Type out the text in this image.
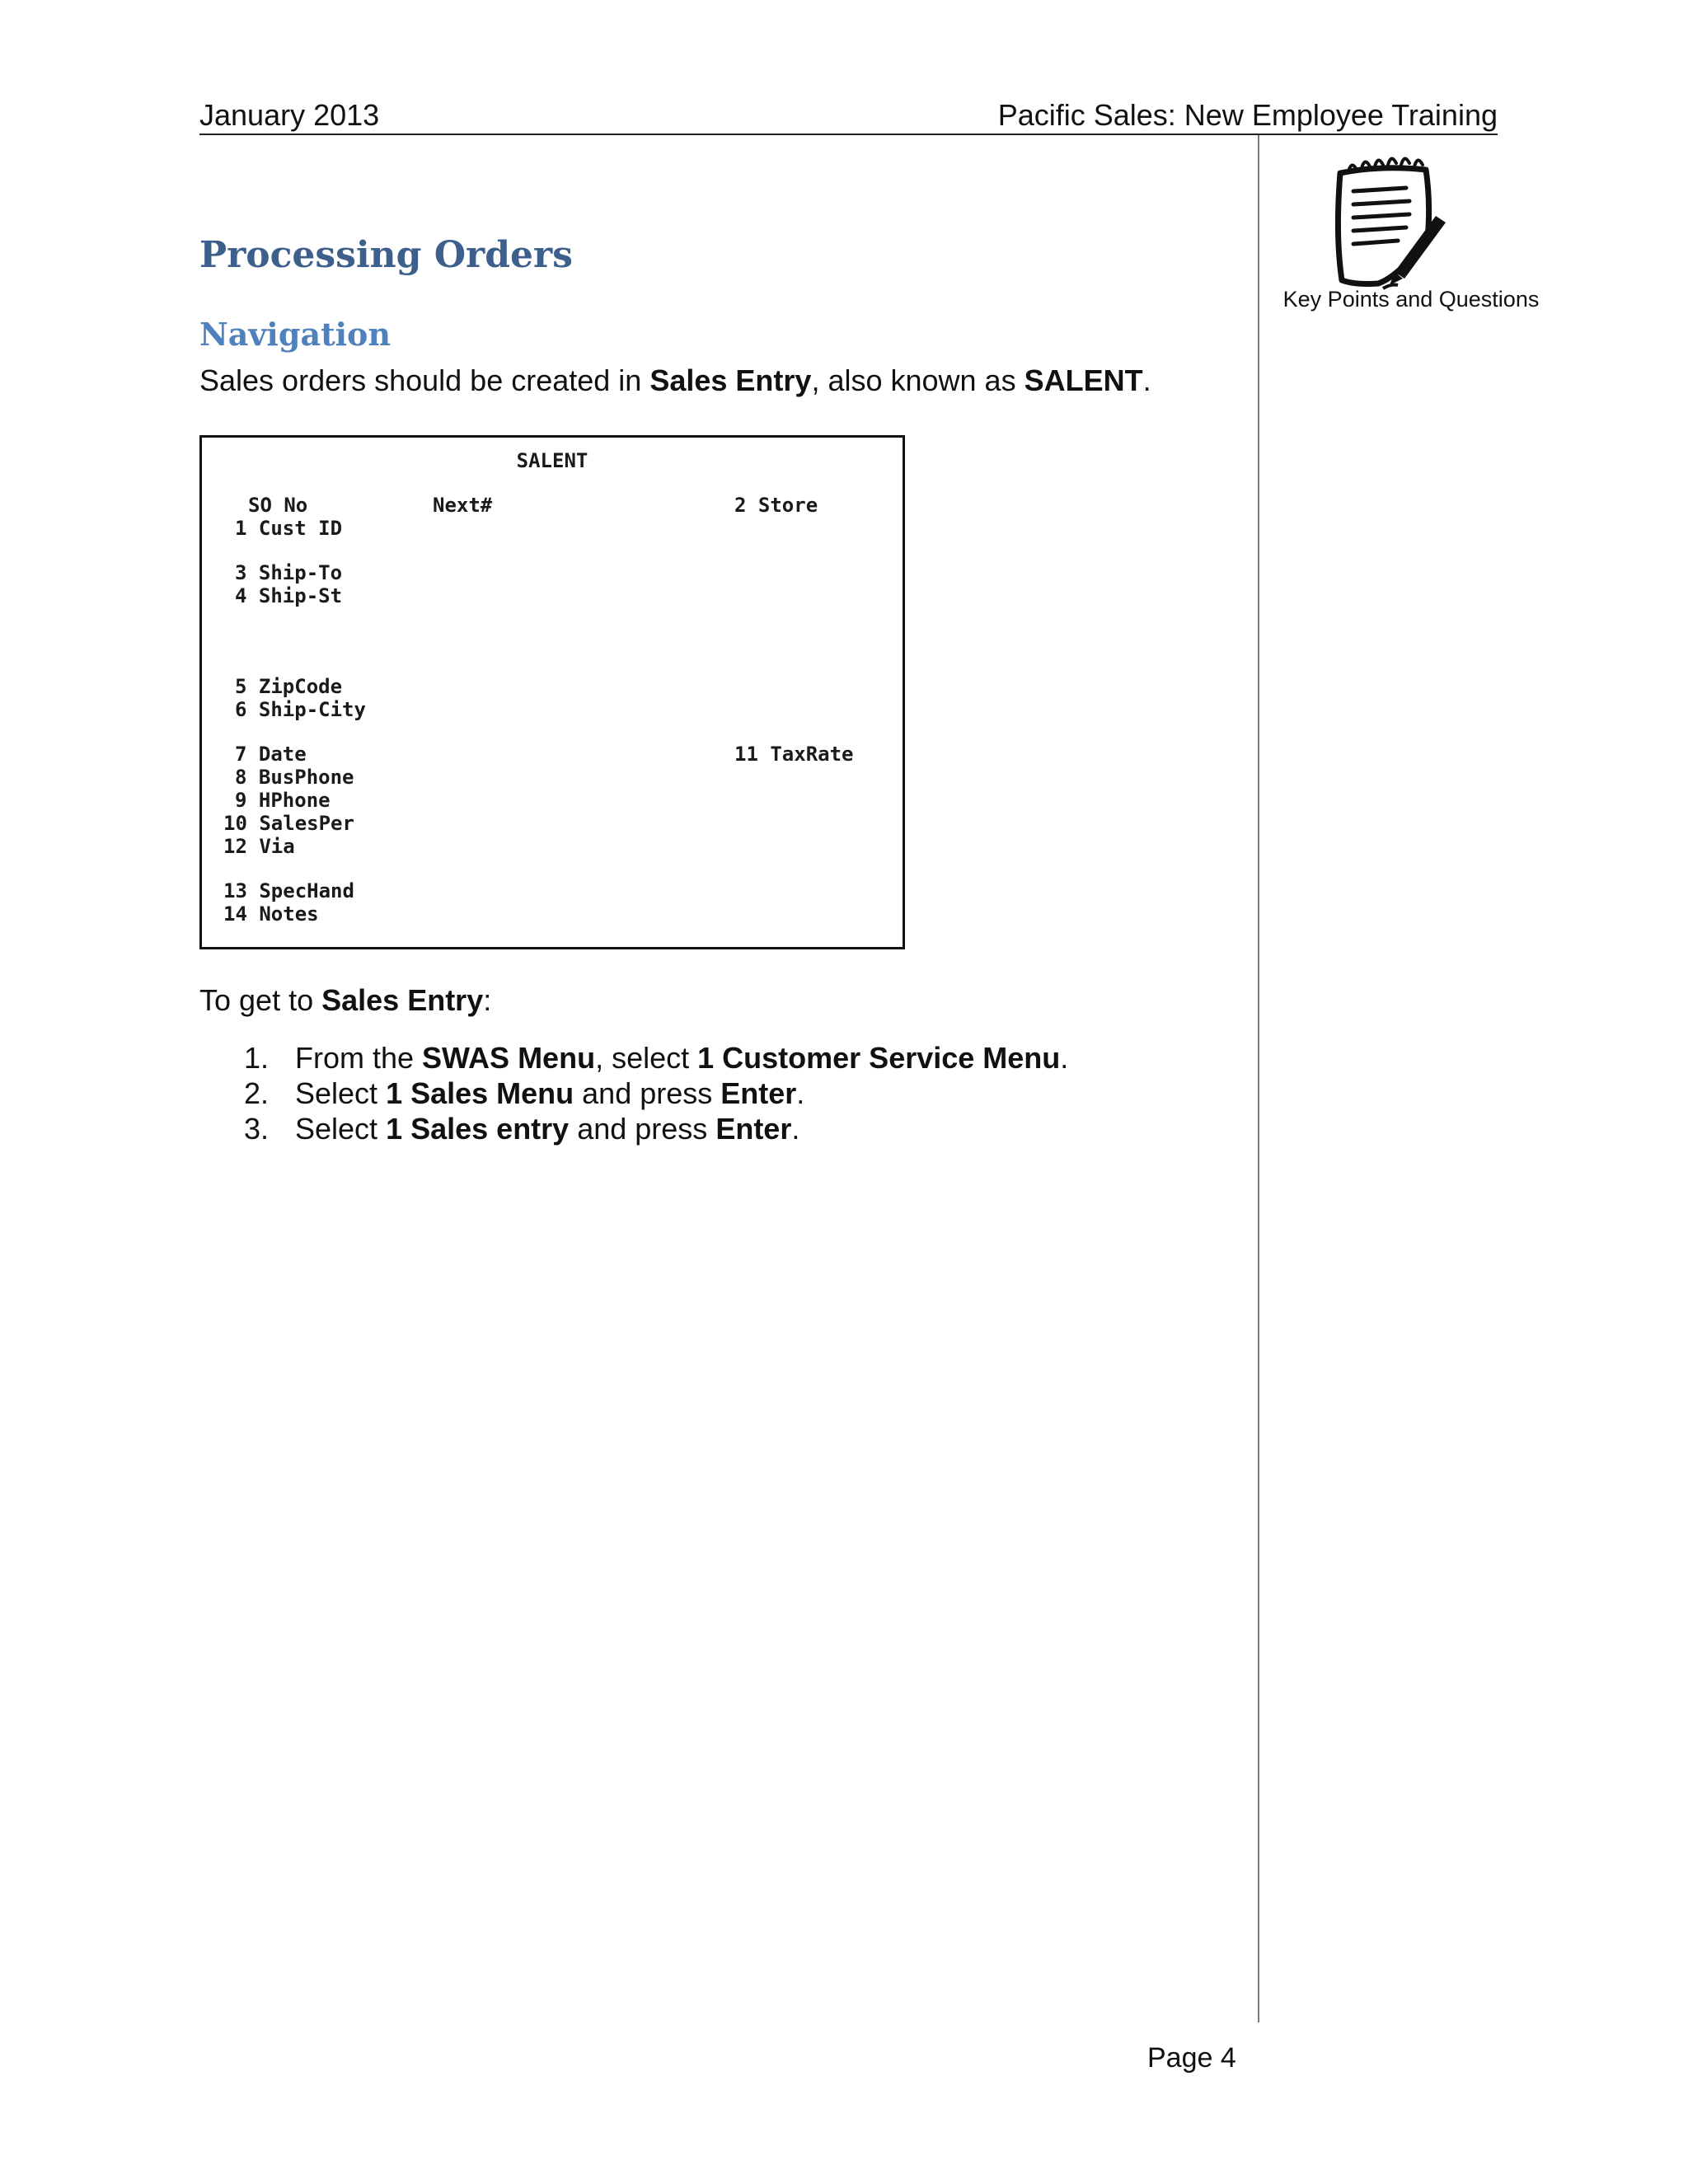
January 2013	Pacific Sales: New Employee Training
Key Points and Questions
Processing Orders
Navigation
Sales orders should be created in Sales Entry, also known as SALENT.
SALENT
SO No	Next#	2 Store
1 Cust ID
3 Ship-To
4 Ship-St
5 ZipCode
6 Ship-City
7 Date	11 TaxRate
8 BusPhone
9 HPhone
10 SalesPer
12 Via
13 SpecHand
14 Notes
To get to Sales Entry:
1. From the SWAS Menu, select 1 Customer Service Menu.
2. Select 1 Sales Menu and press Enter.
3. Select 1 Sales entry and press Enter.
Page 4
